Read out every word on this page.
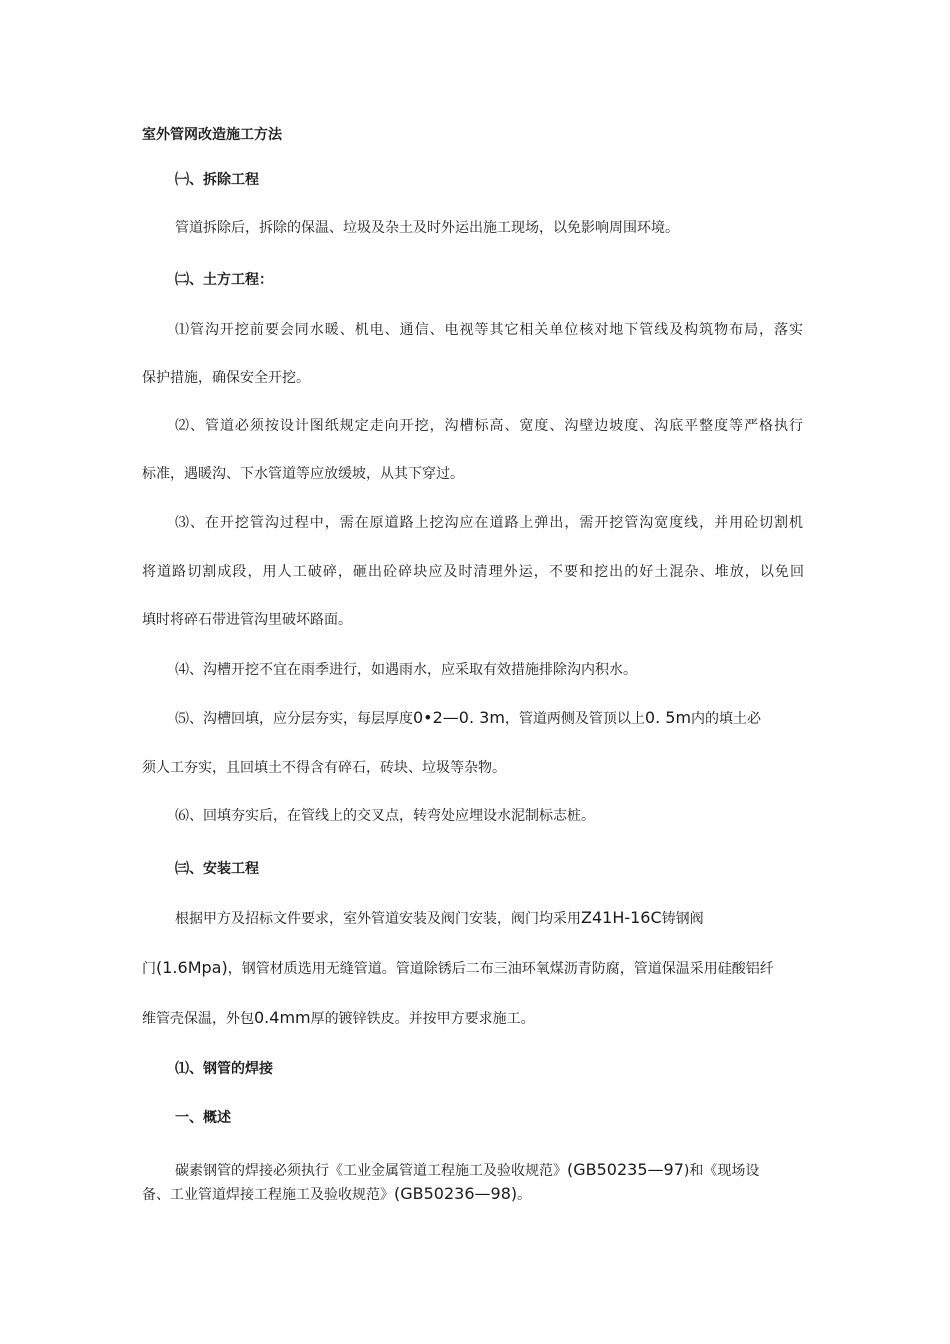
室外管网改造施工方法
㈠、拆除工程
管道拆除后，拆除的保温、垃圾及杂土及时外运出施工现场，以免影响周围环境。
㈡、土方工程：
⑴管沟开挖前要会同水暖、机电、通信、电视等其它相关单位核对地下管线及构筑物布局，落实
保护措施，确保安全开挖。
⑵、管道必须按设计图纸规定走向开挖，沟槽标高、宽度、沟壁边坡度、沟底平整度等严格执行
标准，遇暖沟、下水管道等应放缓坡，从其下穿过。
⑶、在开挖管沟过程中，需在原道路上挖沟应在道路上弹出，需开挖管沟宽度线，并用砼切割机
将道路切割成段，用人工破碎，砸出砼碎块应及时清理外运，不要和挖出的好土混杂、堆放，以免回
填时将碎石带进管沟里破坏路面。
⑷、沟槽开挖不宜在雨季进行，如遇雨水，应采取有效措施排除沟内积水。
⑸、沟槽回填，应分层夯实，每层厚度0•2—0. 3m，管道两侧及管顶以上0. 5m内的填土必
须人工夯实，且回填土不得含有碎石，砖块、垃圾等杂物。
⑹、回填夯实后，在管线上的交叉点，转弯处应埋设水泥制标志桩。
㈢、安装工程
根据甲方及招标文件要求，室外管道安装及阀门安装，阀门均采用Z41H-16C铸钢阀
门(1.6Mpa)，钢管材质选用无缝管道。管道除锈后二布三油环氧煤沥青防腐，管道保温采用硅酸铝纤
维管壳保温，外包0.4mm厚的镀锌铁皮。并按甲方要求施工。
⑴、钢管的焊接
一、概述
碳素钢管的焊接必须执行《工业金属管道工程施工及验收规范》(GB50235—97)和《现场设
备、工业管道焊接工程施工及验收规范》(GB50236—98)。
